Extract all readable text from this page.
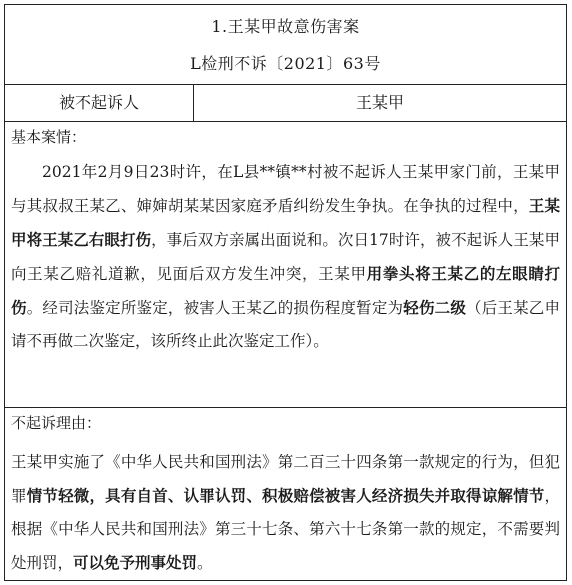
1.王某甲故意伤害案
L检刑不诉〔2021〕63号
被不起诉人	王某甲
基本案情：
2021年2月9日23时许，在L县**镇**村被不起诉人王某甲家门前，王某甲与其叔叔王某乙、婶婶胡某某因家庭矛盾纠纷发生争执。在争执的过程中，王某甲将王某乙右眼打伤，事后双方亲属出面说和。次日17时许，被不起诉人王某甲向王某乙赔礼道歉，见面后双方发生冲突，王某甲用拳头将王某乙的左眼睛打伤。经司法鉴定所鉴定，被害人王某乙的损伤程度暂定为轻伤二级（后王某乙申请不再做二次鉴定，该所终止此次鉴定工作）。
不起诉理由：
王某甲实施了《中华人民共和国刑法》第二百三十四条第一款规定的行为，但犯罪情节轻微，具有自首、认罪认罚、积极赔偿被害人经济损失并取得谅解情节，根据《中华人民共和国刑法》第三十七条、第六十七条第一款的规定，不需要判处刑罚，可以免予刑事处罚。
